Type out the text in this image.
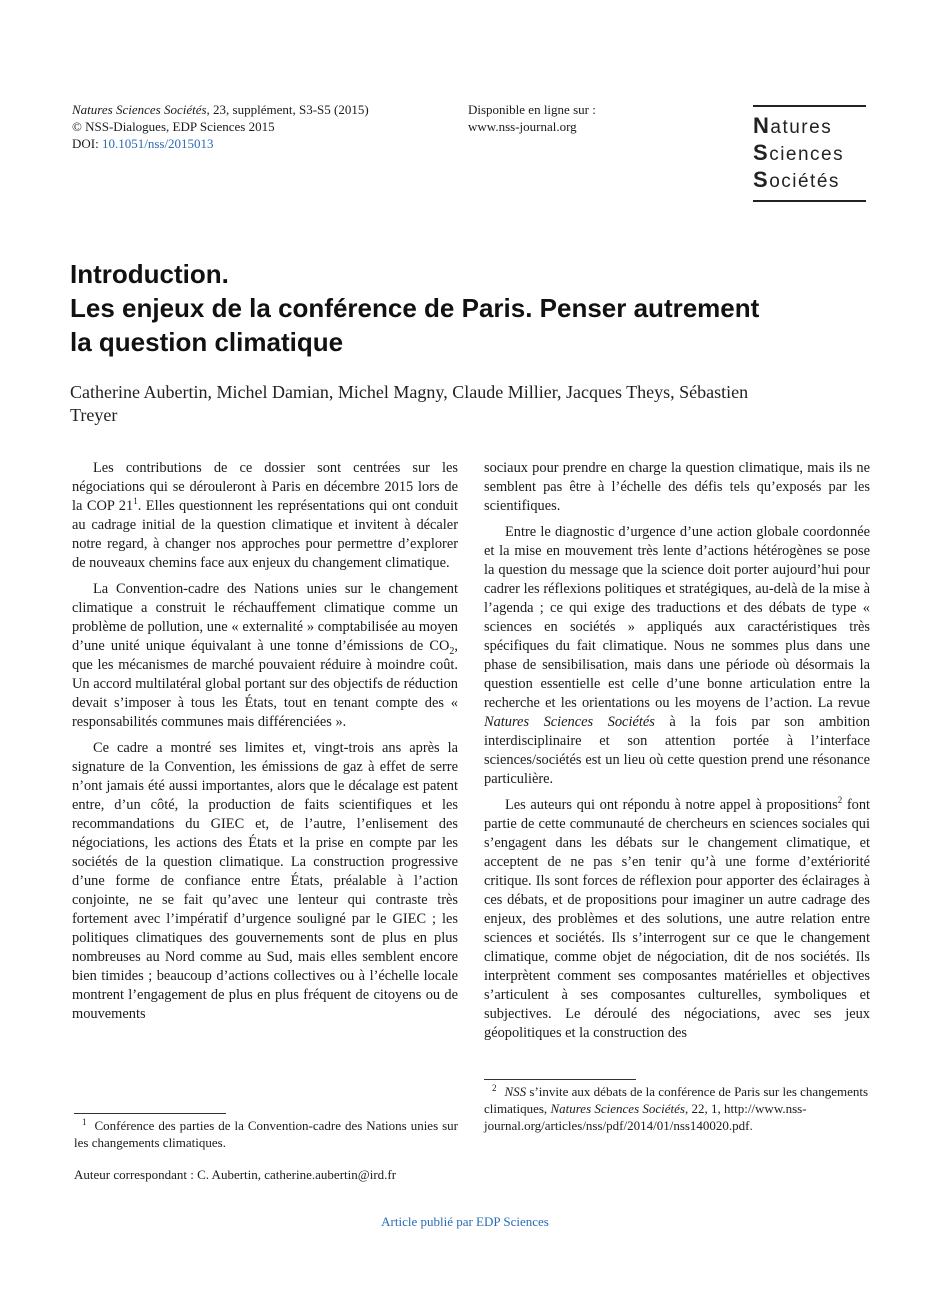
Natures Sciences Sociétés, 23, supplément, S3-S5 (2015)
© NSS-Dialogues, EDP Sciences 2015
DOI: 10.1051/nss/2015013
Disponible en ligne sur :
www.nss-journal.org	Natures
Sciences
Sociétés
Introduction.
Les enjeux de la conférence de Paris. Penser autrement
la question climatique
Catherine Aubertin, Michel Damian, Michel Magny, Claude Millier, Jacques Theys, Sébastien Treyer

Les contributions de ce dossier sont centrées sur les négociations qui se dérouleront à Paris en décembre 2015 lors de la COP $21^1$. Elles questionnent les représentations qui ont conduit au cadrage initial de la question climatique et invitent à décaler notre regard, à changer nos approches pour permettre d’explorer de nouveaux chemins face aux enjeux du changement climatique.

La Convention-cadre des Nations unies sur le changement climatique a construit le réchauffement climatique comme un problème de pollution, une « externalité » comptabilisée au moyen d’une unité unique équivalant à une tonne d’émissions de $CO_2$, que les mécanismes de marché pouvaient réduire à moindre coût. Un accord multilatéral global portant sur des objectifs de réduction devait s’imposer à tous les États, tout en tenant compte des « responsabilités communes mais différenciées ».

Ce cadre a montré ses limites et, vingt-trois ans après la signature de la Convention, les émissions de gaz à effet de serre n’ont jamais été aussi importantes, alors que le décalage est patent entre, d’un côté, la production de faits scientifiques et les recommandations du GIEC et, de l’autre, l’enlisement des négociations, les actions des États et la prise en compte par les sociétés de la question climatique. La construction progressive d’une forme de confiance entre États, préalable à l’action conjointe, ne se fait qu’avec une lenteur qui contraste très fortement avec l’impératif d’urgence souligné par le GIEC ; les politiques climatiques des gouvernements sont de plus en plus nombreuses au Nord comme au Sud, mais elles semblent encore bien timides ; beaucoup d’actions collectives ou à l’échelle locale montrent l’engagement de plus en plus fréquent de citoyens ou de mouvements

sociaux pour prendre en charge la question climatique, mais ils ne semblent pas être à l’échelle des défis tels qu’exposés par les scientifiques.

Entre le diagnostic d’urgence d’une action globale coordonnée et la mise en mouvement très lente d’actions hétérogènes se pose la question du message que la science doit porter aujourd’hui pour cadrer les réflexions politiques et stratégiques, au-delà de la mise à l’agenda ; ce qui exige des traductions et des débats de type « sciences en sociétés » appliqués aux caractéristiques très spécifiques du fait climatique. Nous ne sommes plus dans une phase de sensibilisation, mais dans une période où désormais la question essentielle est celle d’une bonne articulation entre la recherche et les orientations ou les moyens de l’action. La revue Natures Sciences Sociétés à la fois par son ambition interdisciplinaire et son attention portée à l’interface sciences/sociétés est un lieu où cette question prend une résonance particulière.

Les auteurs qui ont répondu à notre appel à propositions$^2$ font partie de cette communauté de chercheurs en sciences sociales qui s’engagent dans les débats sur le changement climatique, et acceptent de ne pas s’en tenir qu’à une forme d’extériorité critique. Ils sont forces de réflexion pour apporter des éclairages à ces débats, et de propositions pour imaginer un autre cadrage des enjeux, des problèmes et des solutions, une autre relation entre sciences et sociétés. Ils s’interrogent sur ce que le changement climatique, comme objet de négociation, dit de nos sociétés. Ils interprètent comment ses composantes matérielles et objectives s’articulent à ses composantes culturelles, symboliques et subjectives. Le déroulé des négociations, avec ses jeux géopolitiques et la construction des

$^1$ Conférence des parties de la Convention-cadre des Nations unies sur les changements climatiques.
$^2$ NSS s’invite aux débats de la conférence de Paris sur les changements climatiques, Natures Sciences Sociétés, 22, 1, http://www.nss-journal.org/articles/nss/pdf/2014/01/nss140020.pdf.
Auteur correspondant : C. Aubertin, catherine.aubertin@ird.fr
Article publié par EDP Sciences
